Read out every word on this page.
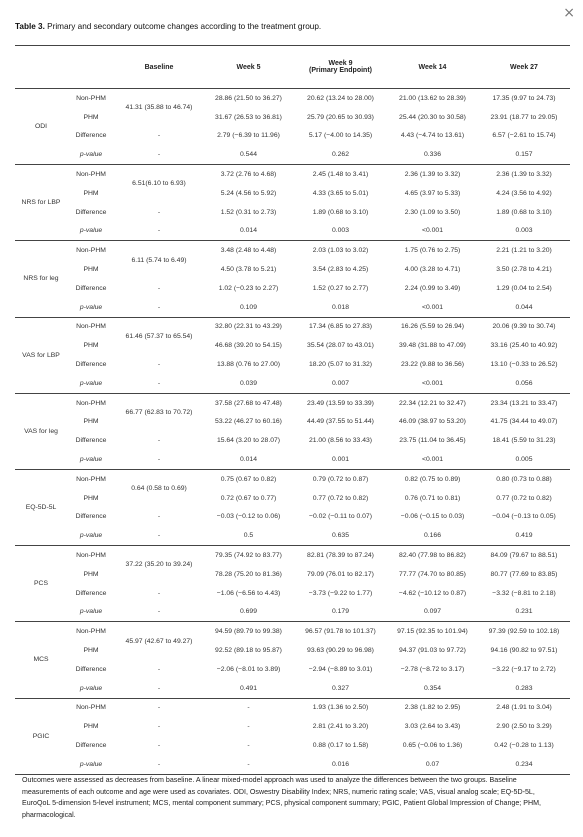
×
Table 3. Primary and secondary outcome changes according to the treatment group.
		Baseline	Week 5	Week 9
(Primary Endpoint)	Week 14	Week 27
ODI	Non-PHM	41.31 (35.88 to 46.74)	28.86 (21.50 to 36.27)	20.62 (13.24 to 28.00)	21.00 (13.62 to 28.39)	17.35 (9.97 to 24.73)
	PHM		31.67 (26.53 to 36.81)	25.79 (20.65 to 30.93)	25.44 (20.30 to 30.58)	23.91 (18.77 to 29.05)
	Difference	-	2.79 (−6.39 to 11.96)	5.17 (−4.00 to 14.35)	4.43 (−4.74 to 13.61)	6.57 (−2.61 to 15.74)
	p-value	-	0.544	0.262	0.336	0.157
NRS for LBP	Non-PHM	6.51(6.10 to 6.93)	3.72 (2.76 to 4.68)	2.45 (1.48 to 3.41)	2.36 (1.39 to 3.32)	2.36 (1.39 to 3.32)
	PHM		5.24 (4.56 to 5.92)	4.33 (3.65 to 5.01)	4.65 (3.97 to 5.33)	4.24 (3.56 to 4.92)
	Difference	-	1.52 (0.31 to 2.73)	1.89 (0.68 to 3.10)	2.30 (1.09 to 3.50)	1.89 (0.68 to 3.10)
	p-value	-	0.014	0.003	<0.001	0.003
NRS for leg	Non-PHM	6.11 (5.74 to 6.49)	3.48 (2.48 to 4.48)	2.03 (1.03 to 3.02)	1.75 (0.76 to 2.75)	2.21 (1.21 to 3.20)
	PHM		4.50 (3.78 to 5.21)	3.54 (2.83 to 4.25)	4.00 (3.28 to 4.71)	3.50 (2.78 to 4.21)
	Difference	-	1.02 (−0.23 to 2.27)	1.52 (0.27 to 2.77)	2.24 (0.99 to 3.49)	1.29 (0.04 to 2.54)
	p-value	-	0.109	0.018	<0.001	0.044
VAS for LBP	Non-PHM	61.46 (57.37 to 65.54)	32.80 (22.31 to 43.29)	17.34 (6.85 to 27.83)	16.26 (5.59 to 26.94)	20.06 (9.39 to 30.74)
	PHM		46.68 (39.20 to 54.15)	35.54 (28.07 to 43.01)	39.48 (31.88 to 47.09)	33.16 (25.40 to 40.92)
	Difference	-	13.88 (0.76 to 27.00)	18.20 (5.07 to 31.32)	23.22 (9.88 to 36.56)	13.10 (−0.33 to 26.52)
	p-value	-	0.039	0.007	<0.001	0.056
VAS for leg	Non-PHM	66.77 (62.83 to 70.72)	37.58 (27.68 to 47.48)	23.49 (13.59 to 33.39)	22.34 (12.21 to 32.47)	23.34 (13.21 to 33.47)
	PHM		53.22 (46.27 to 60.16)	44.49 (37.55 to 51.44)	46.09 (38.97 to 53.20)	41.75 (34.44 to 49.07)
	Difference	-	15.64 (3.20 to 28.07)	21.00 (8.56 to 33.43)	23.75 (11.04 to 36.45)	18.41 (5.59 to 31.23)
	p-value	-	0.014	0.001	<0.001	0.005
EQ-5D-5L	Non-PHM	0.64 (0.58 to 0.69)	0.75 (0.67 to 0.82)	0.79 (0.72 to 0.87)	0.82 (0.75 to 0.89)	0.80 (0.73 to 0.88)
	PHM		0.72 (0.67 to 0.77)	0.77 (0.72 to 0.82)	0.76 (0.71 to 0.81)	0.77 (0.72 to 0.82)
	Difference	-	−0.03 (−0.12 to 0.06)	−0.02 (−0.11 to 0.07)	−0.06 (−0.15 to 0.03)	−0.04 (−0.13 to 0.05)
	p-value	-	0.5	0.635	0.166	0.419
PCS	Non-PHM	37.22 (35.20 to 39.24)	79.35 (74.92 to 83.77)	82.81 (78.39 to 87.24)	82.40 (77.98 to 86.82)	84.09 (79.67 to 88.51)
	PHM		78.28 (75.20 to 81.36)	79.09 (76.01 to 82.17)	77.77 (74.70 to 80.85)	80.77 (77.69 to 83.85)
	Difference	-	−1.06 (−6.56 to 4.43)	−3.73 (−9.22 to 1.77)	−4.62 (−10.12 to 0.87)	−3.32 (−8.81 to 2.18)
	p-value	-	0.699	0.179	0.097	0.231
MCS	Non-PHM	45.97 (42.67 to 49.27)	94.59 (89.79 to 99.38)	96.57 (91.78 to 101.37)	97.15 (92.35 to 101.94)	97.39 (92.59 to 102.18)
	PHM		92.52 (89.18 to 95.87)	93.63 (90.29 to 96.98)	94.37 (91.03 to 97.72)	94.16 (90.82 to 97.51)
	Difference	-	−2.06 (−8.01 to 3.89)	−2.94 (−8.89 to 3.01)	−2.78 (−8.72 to 3.17)	−3.22 (−9.17 to 2.72)
	p-value	-	0.491	0.327	0.354	0.283
PGIC	Non-PHM	-	-	1.93 (1.36 to 2.50)	2.38 (1.82 to 2.95)	2.48 (1.91 to 3.04)
	PHM	-	-	2.81 (2.41 to 3.20)	3.03 (2.64 to 3.43)	2.90 (2.50 to 3.29)
	Difference	-	-	0.88 (0.17 to 1.58)	0.65 (−0.06 to 1.36)	0.42 (−0.28 to 1.13)
	p-value	-	-	0.016	0.07	0.234
Outcomes were assessed as decreases from baseline. A linear mixed-model approach was used to analyze the differences between the two groups. Baseline measurements of each outcome and age were used as covariates. ODI, Oswestry Disability Index; NRS, numeric rating scale; VAS, visual analog scale; EQ-5D-5L, EuroQoL 5-dimension 5-level instrument; MCS, mental component summary; PCS, physical component summary; PGIC, Patient Global Impression of Change; PHM, pharmacological.
